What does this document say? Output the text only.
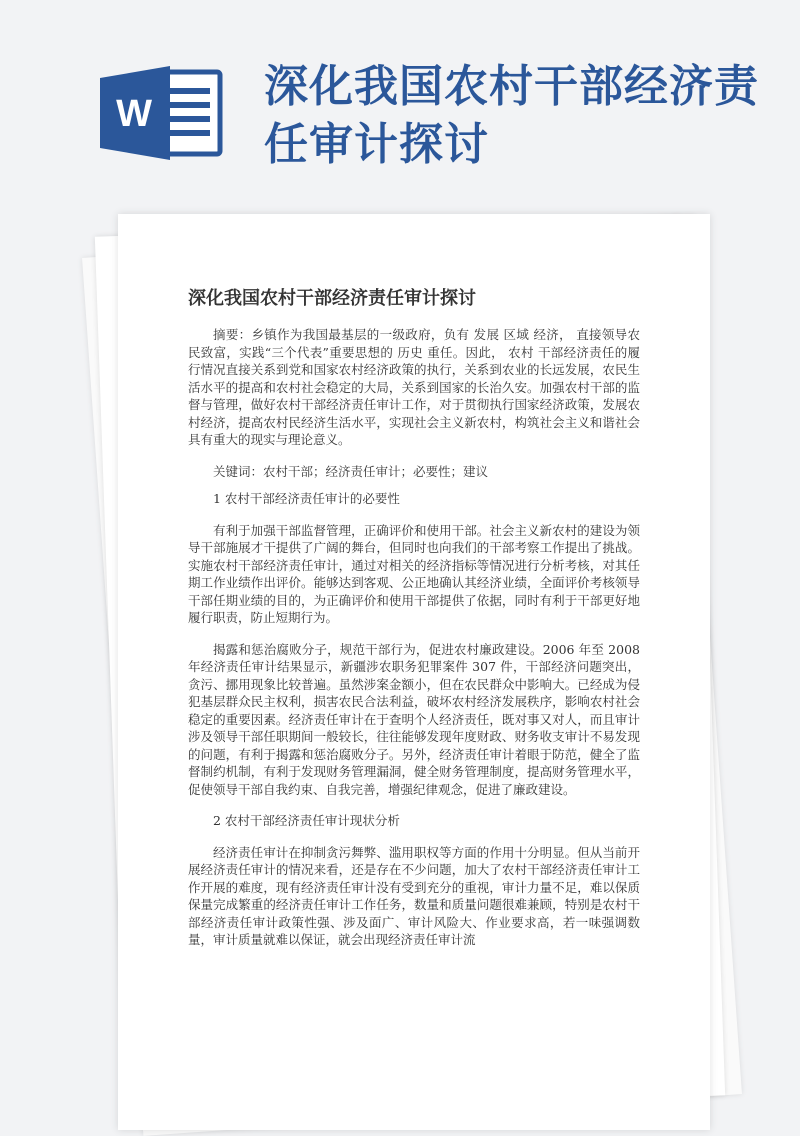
W
深化我国农村干部经济责任审计探讨
深化我国农村干部经济责任审计探讨

摘要：乡镇作为我国最基层的一级政府，负有 发展 区域 经济， 直接领导农民致富，实践“三个代表”重要思想的 历史 重任。因此， 农村 干部经济责任的履行情况直接关系到党和国家农村经济政策的执行，关系到农业的长远发展，农民生活水平的提高和农村社会稳定的大局，关系到国家的长治久安。加强农村干部的监督与管理，做好农村干部经济责任审计工作，对于贯彻执行国家经济政策，发展农村经济，提高农村民经济生活水平，实现社会主义新农村，构筑社会主义和谐社会具有重大的现实与理论意义。

关键词：农村干部；经济责任审计；必要性；建议

1 农村干部经济责任审计的必要性

有利于加强干部监督管理，正确评价和使用干部。社会主义新农村的建设为领导干部施展才干提供了广阔的舞台，但同时也向我们的干部考察工作提出了挑战。实施农村干部经济责任审计，通过对相关的经济指标等情况进行分析考核，对其任期工作业绩作出评价。能够达到客观、公正地确认其经济业绩，全面评价考核领导干部任期业绩的目的，为正确评价和使用干部提供了依据，同时有利于干部更好地履行职责，防止短期行为。

揭露和惩治腐败分子，规范干部行为，促进农村廉政建设。2006 年至 2008 年经济责任审计结果显示，新疆涉农职务犯罪案件 307 件，干部经济问题突出，贪污、挪用现象比较普遍。虽然涉案金额小，但在农民群众中影响大。已经成为侵犯基层群众民主权利，损害农民合法利益，破坏农村经济发展秩序，影响农村社会稳定的重要因素。经济责任审计在于查明个人经济责任，既对事又对人，而且审计涉及领导干部任职期间一般较长，往往能够发现年度财政、财务收支审计不易发现的问题，有利于揭露和惩治腐败分子。另外，经济责任审计着眼于防范，健全了监督制约机制，有利于发现财务管理漏洞，健全财务管理制度，提高财务管理水平，促使领导干部自我约束、自我完善，增强纪律观念，促进了廉政建设。

2 农村干部经济责任审计现状分析

经济责任审计在抑制贪污舞弊、滥用职权等方面的作用十分明显。但从当前开展经济责任审计的情况来看，还是存在不少问题，加大了农村干部经济责任审计工作开展的难度，现有经济责任审计没有受到充分的重视，审计力量不足，难以保质保量完成繁重的经济责任审计工作任务，数量和质量问题很难兼顾，特别是农村干部经济责任审计政策性强、涉及面广、审计风险大、作业要求高，若一味强调数量，审计质量就难以保证，就会出现经济责任审计流
